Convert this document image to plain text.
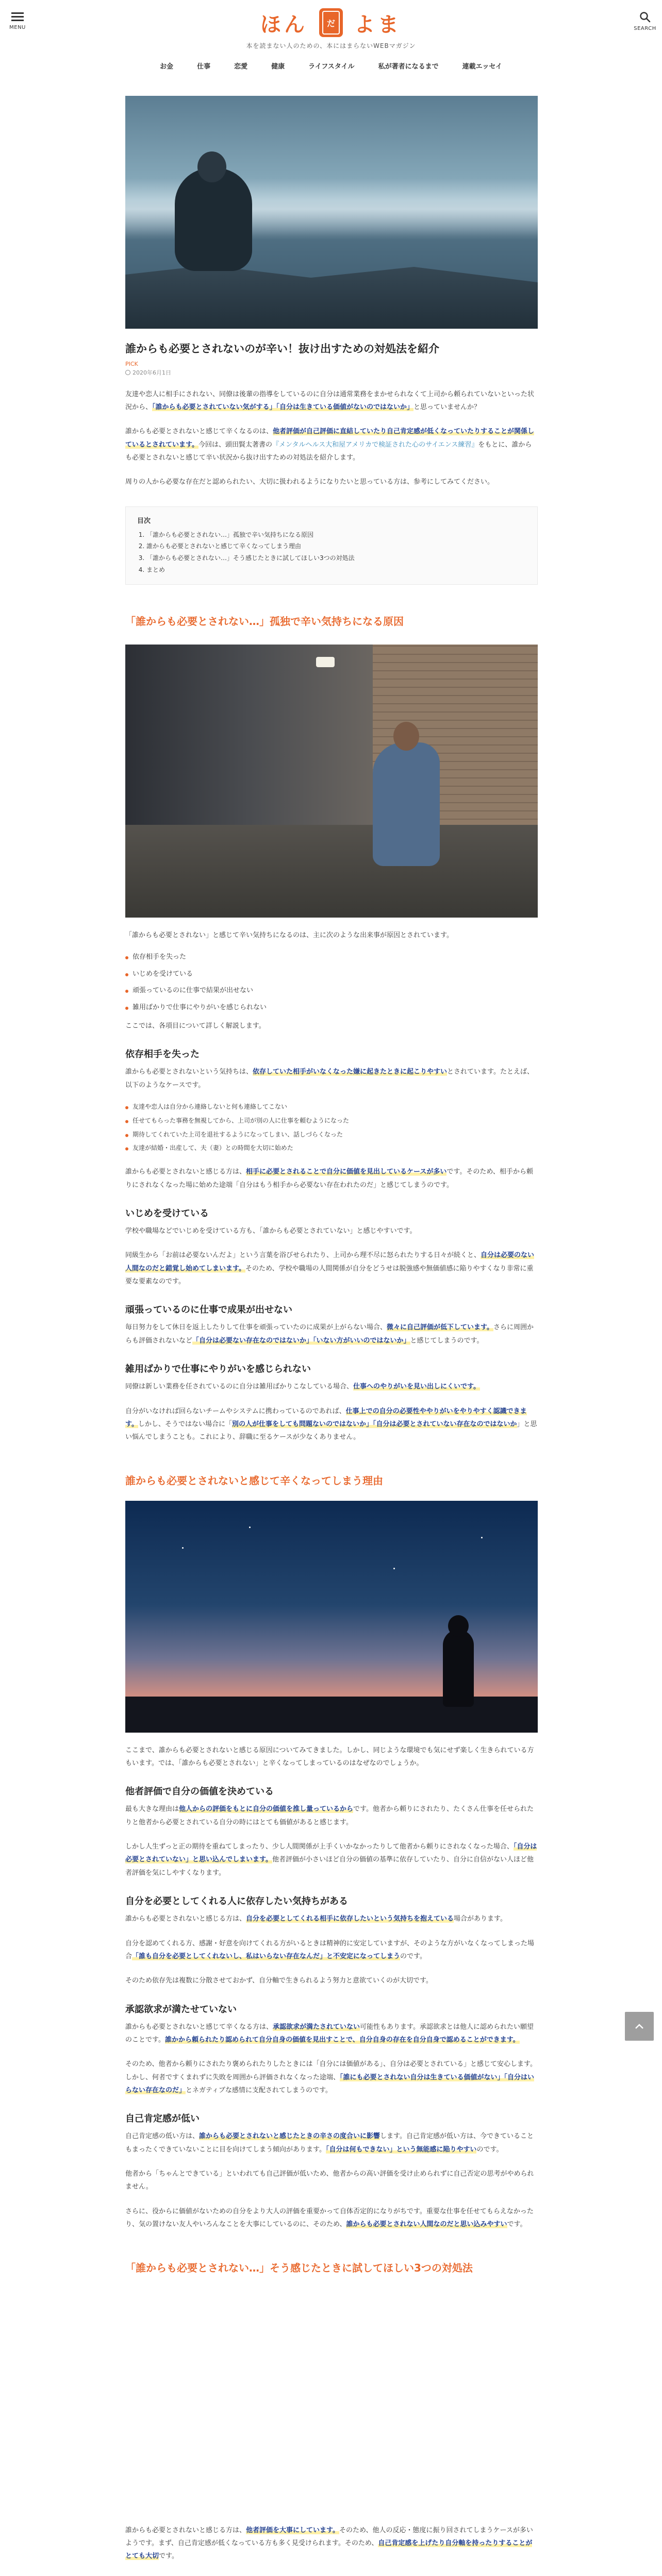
MENU	ほん だ よま	SEARCH
本を読まない人のための、本にはまらないWEBマガジン
お金	仕事	恋愛	健康	ライフスタイル	私が著者になるまで	連載エッセイ
誰からも必要とされないのが辛い！抜け出すための対処法を紹介
PICK
2020年6月1日

友達や恋人に相手にされない、同僚は後輩の指導をしているのに自分は通常業務をまかせられなくて上司から頼られていないといった状況から、「誰からも必要とされていない気がする」「自分は生きている価値がないのではないか」と思っていませんか？

誰からも必要とされないと感じて辛くなるのは、他者評価が自己評価に直結していたり自己肯定感が低くなっていたりすることが関係しているとされています。今回は、頭田賢太著書の『メンタルヘルス大和屋アメリカで検証された心のサイエンス練習』をもとに、誰からも必要とされないと感じて辛い状況から抜け出すための対処法を紹介します。

周りの人から必要な存在だと認められたい、大切に扱われるようになりたいと思っている方は、参考にしてみてください。

目次
1. 「誰からも必要とされない…」孤独で辛い気持ちになる原因
2. 誰からも必要とされないと感じて辛くなってしまう理由
3. 「誰からも必要とされない…」そう感じたときに試してほしい3つの対処法
4. まとめ
「誰からも必要とされない…」孤独で辛い気持ちになる原因

「誰からも必要とされない」と感じて辛い気持ちになるのは、主に次のような出来事が原因とされています。

依存相手を失った
いじめを受けている
頑張っているのに仕事で結果が出せない
雑用ばかりで仕事にやりがいを感じられない

ここでは、各項目について詳しく解説します。

依存相手を失った

誰からも必要とされないという気持ちは、依存していた相手がいなくなった嫌に起きたときに起こりやすいとされています。たとえば、以下のようなケースです。

友達や恋人は自分から連絡しないと何も連絡してこない
任せてもらった事務を無視してから、上司が別の人に仕事を頼むようになった
期待してくれていた上司を退社するようになってしまい、話しづらくなった
友達が結婚・出産して、夫（妻）との時間を大切に始めた

誰からも必要とされないと感じる方は、相手に必要とされることで自分に価値を見出しているケースが多いです。そのため、相手から頼りにされなくなった場に始めた途端「自分はもう相手から必要ない存在われたのだ」と感じてしまうのです。

いじめを受けている

学校や職場などでいじめを受けている方も、「誰からも必要とされていない」と感じやすいです。

同級生から「お前は必要ないんだよ」という言葉を浴びせられたり、上司から理不尽に怒られたりする日々が続くと、自分は必要のない人間なのだと錯覚し始めてしまいます。そのため、学校や職場の人間関係が自分をどうせは脱強感や無価値感に陥りやすくなり非常に重要な要素なのです。

頑張っているのに仕事で成果が出せない

毎日努力をして休日を返上したりして仕事を頑張っていたのに成果が上がらない場合、微々に自己評価が低下しています。さらに周囲からも評価されないなど「自分は必要ない存在なのではないか」「いない方がいいのではないか」と感じてしまうのです。

雑用ばかりで仕事にやりがいを感じられない

同僚は新しい業務を任されているのに自分は雑用ばかりこなしている場合、仕事へのやりがいを見い出しにくいです。

自分がいなければ回らないチームやシステムに携わっているのであれば、仕事上での自分の必要性ややりがいをやりやすく認識できます。しかし、そうではない場合に「別の人が仕事をしても問題ないのではないか」「自分は必要とされていない存在なのではないか」と思い悩んでしまうことも。これにより、辞職に至るケースが少なくありません。

誰からも必要とされないと感じて辛くなってしまう理由

ここまで、誰からも必要とされないと感じる原因についてみてきました。しかし、同じような環境でも気にせず楽しく生きられている方もいます。では、「誰からも必要とされない」と辛くなってしまっているのはなぜなのでしょうか。

他者評価で自分の価値を決めている

最も大きな理由は他人からの評価をもとに自分の価値を推し量っているからです。他者から頼りにされたり、たくさん仕事を任せられたりと他者から必要とされている自分の時にはとても価値があると感じます。

しかし人生ずっと正の期待を重ねてしまったり、少し人間関係が上手くいかなかったりして他者から頼りにされなくなった場合、「自分は必要とされていない」と思い込んでしまいます。他者評価が小さいほど自分の価値の基準に依存していたり、自分に自信がない人ほど他者評価を気にしやすくなります。

自分を必要としてくれる人に依存したい気持ちがある

誰からも必要とされないと感じる方は、自分を必要としてくれる相手に依存したいという気持ちを抱えている場合があります。

自分を認めてくれる方、感謝・好意を向けてくれる方がいるときは精神的に安定していますが、そのような方がいなくなってしまった場合「誰も自分を必要としてくれないし、私はいらない存在なんだ」と不安定になってしまうのです。

そのため依存先は複数に分散させておかず、自分軸で生きられるよう努力と意欲ていくのが大切です。

承認欲求が満たせていない

誰からも必要とされないと感じて辛くなる方は、承認欲求が満たされていない可能性もあります。承認欲求とは他人に認められたい願望のことです。誰かから頼られたり認められて自分自身の価値を見出すことで、自分自身の存在を自分自身で認めることができます。

そのため、他者から頼りにされたり褒められたりしたときには「自分には価値がある」、自分は必要とされている」と感じて安心します。しかし、何者ですくまれずに失敗を周囲から評価されなくなった途端、「誰にも必要とされない自分は生きている価値がない」「自分はいらない存在なのだ」とネガティブな感情に支配されてしまうのです。

自己肯定感が低い

自己肯定感の低い方は、誰からも必要とされないと感じたときの辛さの度合いに影響します。自己肯定感が低い方は、今できていることもまったくできていないことに目を向けてしまう傾向があります。「自分は何もできない」という無能感に陥りやすいのです。

他者から「ちゃんとできている」といわれても自己評価が低いため、他者からの高い評価を受け止められずに自己否定の思考がやめられません。

さらに、役からに価値がないための自分をより大人の評価を重要かって自体否定的になりがちです。重要な仕事を任せてもらえなかったり、気の置けない友人やいろんなことを大事にしているのに、そのため、誰からも必要とされない人間なのだと思い込みやすいです。

「誰からも必要とされない…」そう感じたときに試してほしい3つの対処法

誰からも必要とされないと感じる方は、他者評価を大事にしています。そのため、他人の反応・態度に振り回されてしまうケースが多いようです。まず、自己肯定感が低くなっている方も多く見受けられます。そのため、自己肯定感を上げたり自分軸を持ったりすることがとても大切です。
